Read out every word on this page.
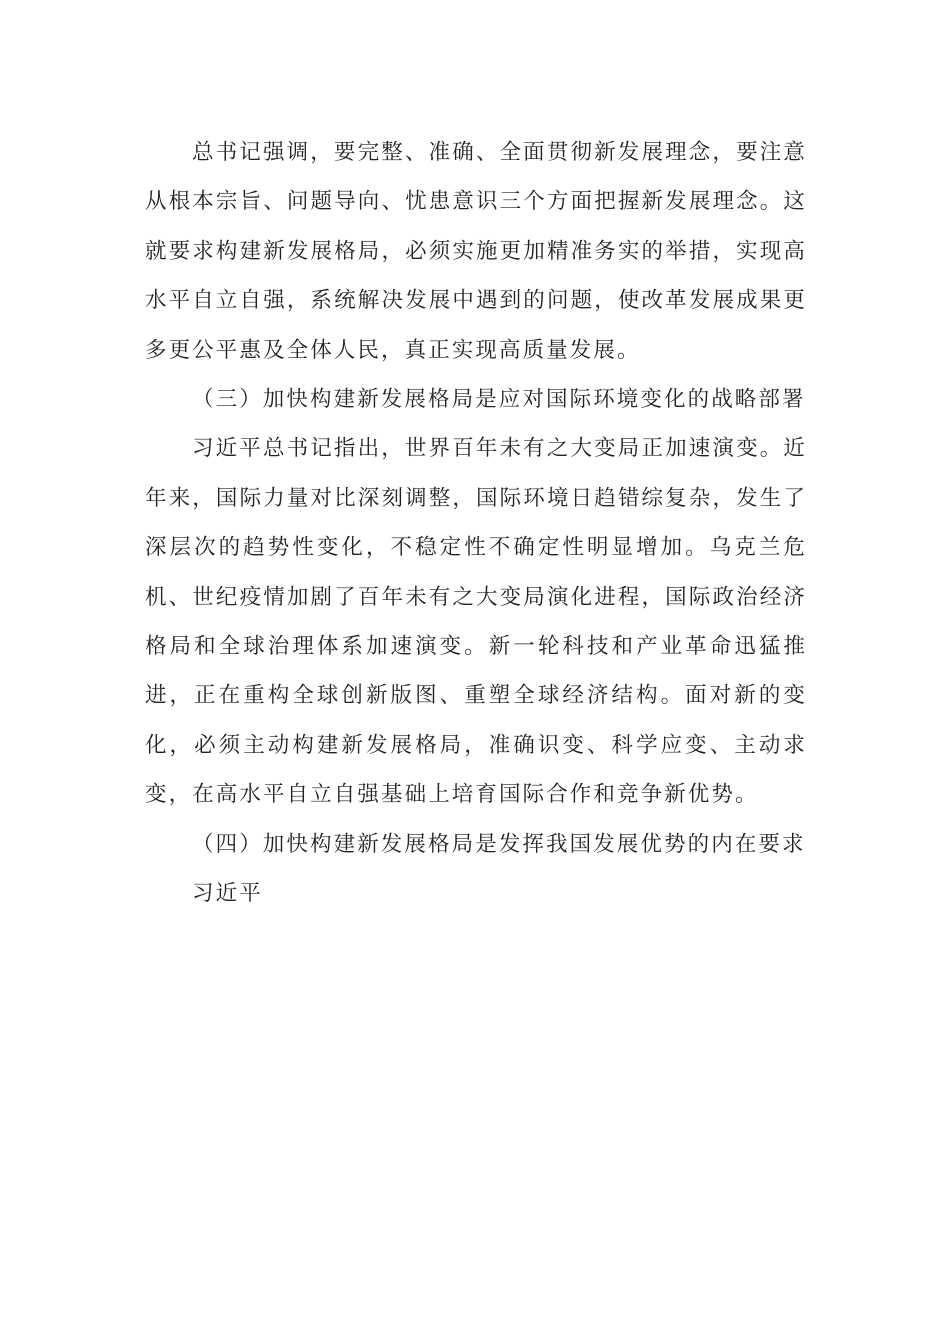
总书记强调，要完整、准确、全面贯彻新发展理念，要注意从根本宗旨、问题导向、忧患意识三个方面把握新发展理念。这就要求构建新发展格局，必须实施更加精准务实的举措，实现高水平自立自强，系统解决发展中遇到的问题，使改革发展成果更多更公平惠及全体人民，真正实现高质量发展。

（三）加快构建新发展格局是应对国际环境变化的战略部署

习近平总书记指出，世界百年未有之大变局正加速演变。近年来，国际力量对比深刻调整，国际环境日趋错综复杂，发生了深层次的趋势性变化，不稳定性不确定性明显增加。乌克兰危机、世纪疫情加剧了百年未有之大变局演化进程，国际政治经济格局和全球治理体系加速演变。新一轮科技和产业革命迅猛推进，正在重构全球创新版图、重塑全球经济结构。面对新的变化，必须主动构建新发展格局，准确识变、科学应变、主动求变，在高水平自立自强基础上培育国际合作和竞争新优势。

（四）加快构建新发展格局是发挥我国发展优势的内在要求

习近平
